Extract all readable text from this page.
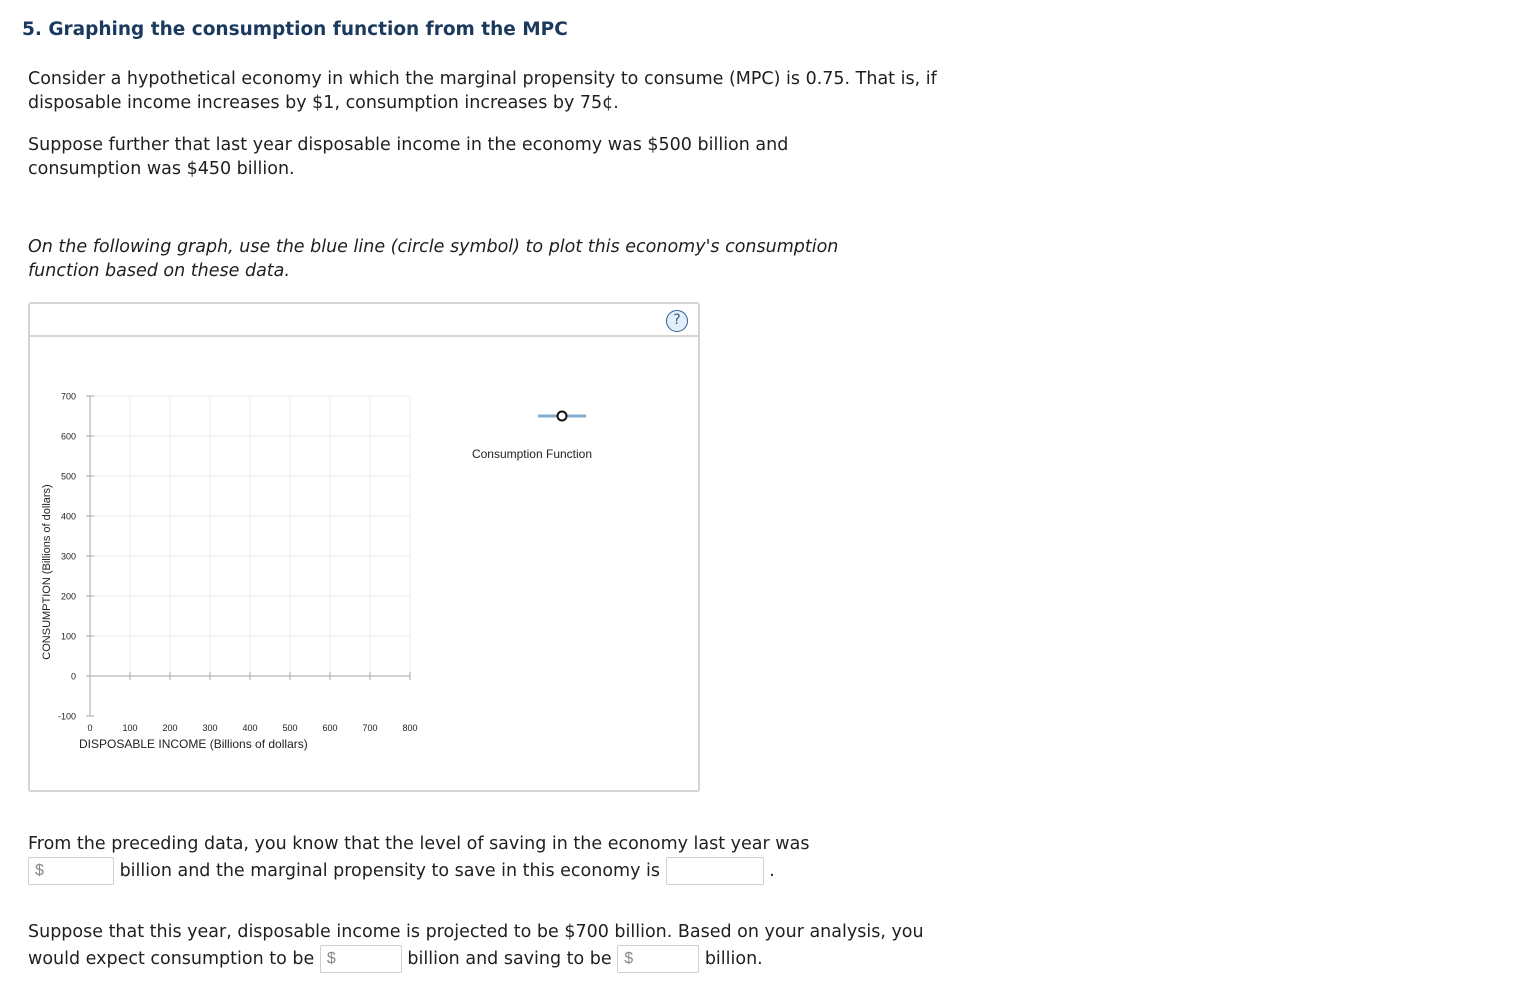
5. Graphing the consumption function from the MPC

Consider a hypothetical economy in which the marginal propensity to consume (MPC) is 0.75. That is, if disposable income increases by $1, consumption increases by 75¢.

Suppose further that last year disposable income in the economy was $500 billion and consumption was $450 billion.

On the following graph, use the blue line (circle symbol) to plot this economy's consumption function based on these data.

?
700
600
500
400
300
200
100
0
-100
0	100	200	300	400	500	600	700	800
CONSUMPTION (Billions of dollars)
DISPOSABLE INCOME (Billions of dollars)
Consumption Function

From the preceding data, you know that the level of saving in the economy last year was
$	billion and the marginal propensity to save in this economy is	.

Suppose that this year, disposable income is projected to be $700 billion. Based on your analysis, you would expect consumption to be $	billion and saving to be $	billion.
